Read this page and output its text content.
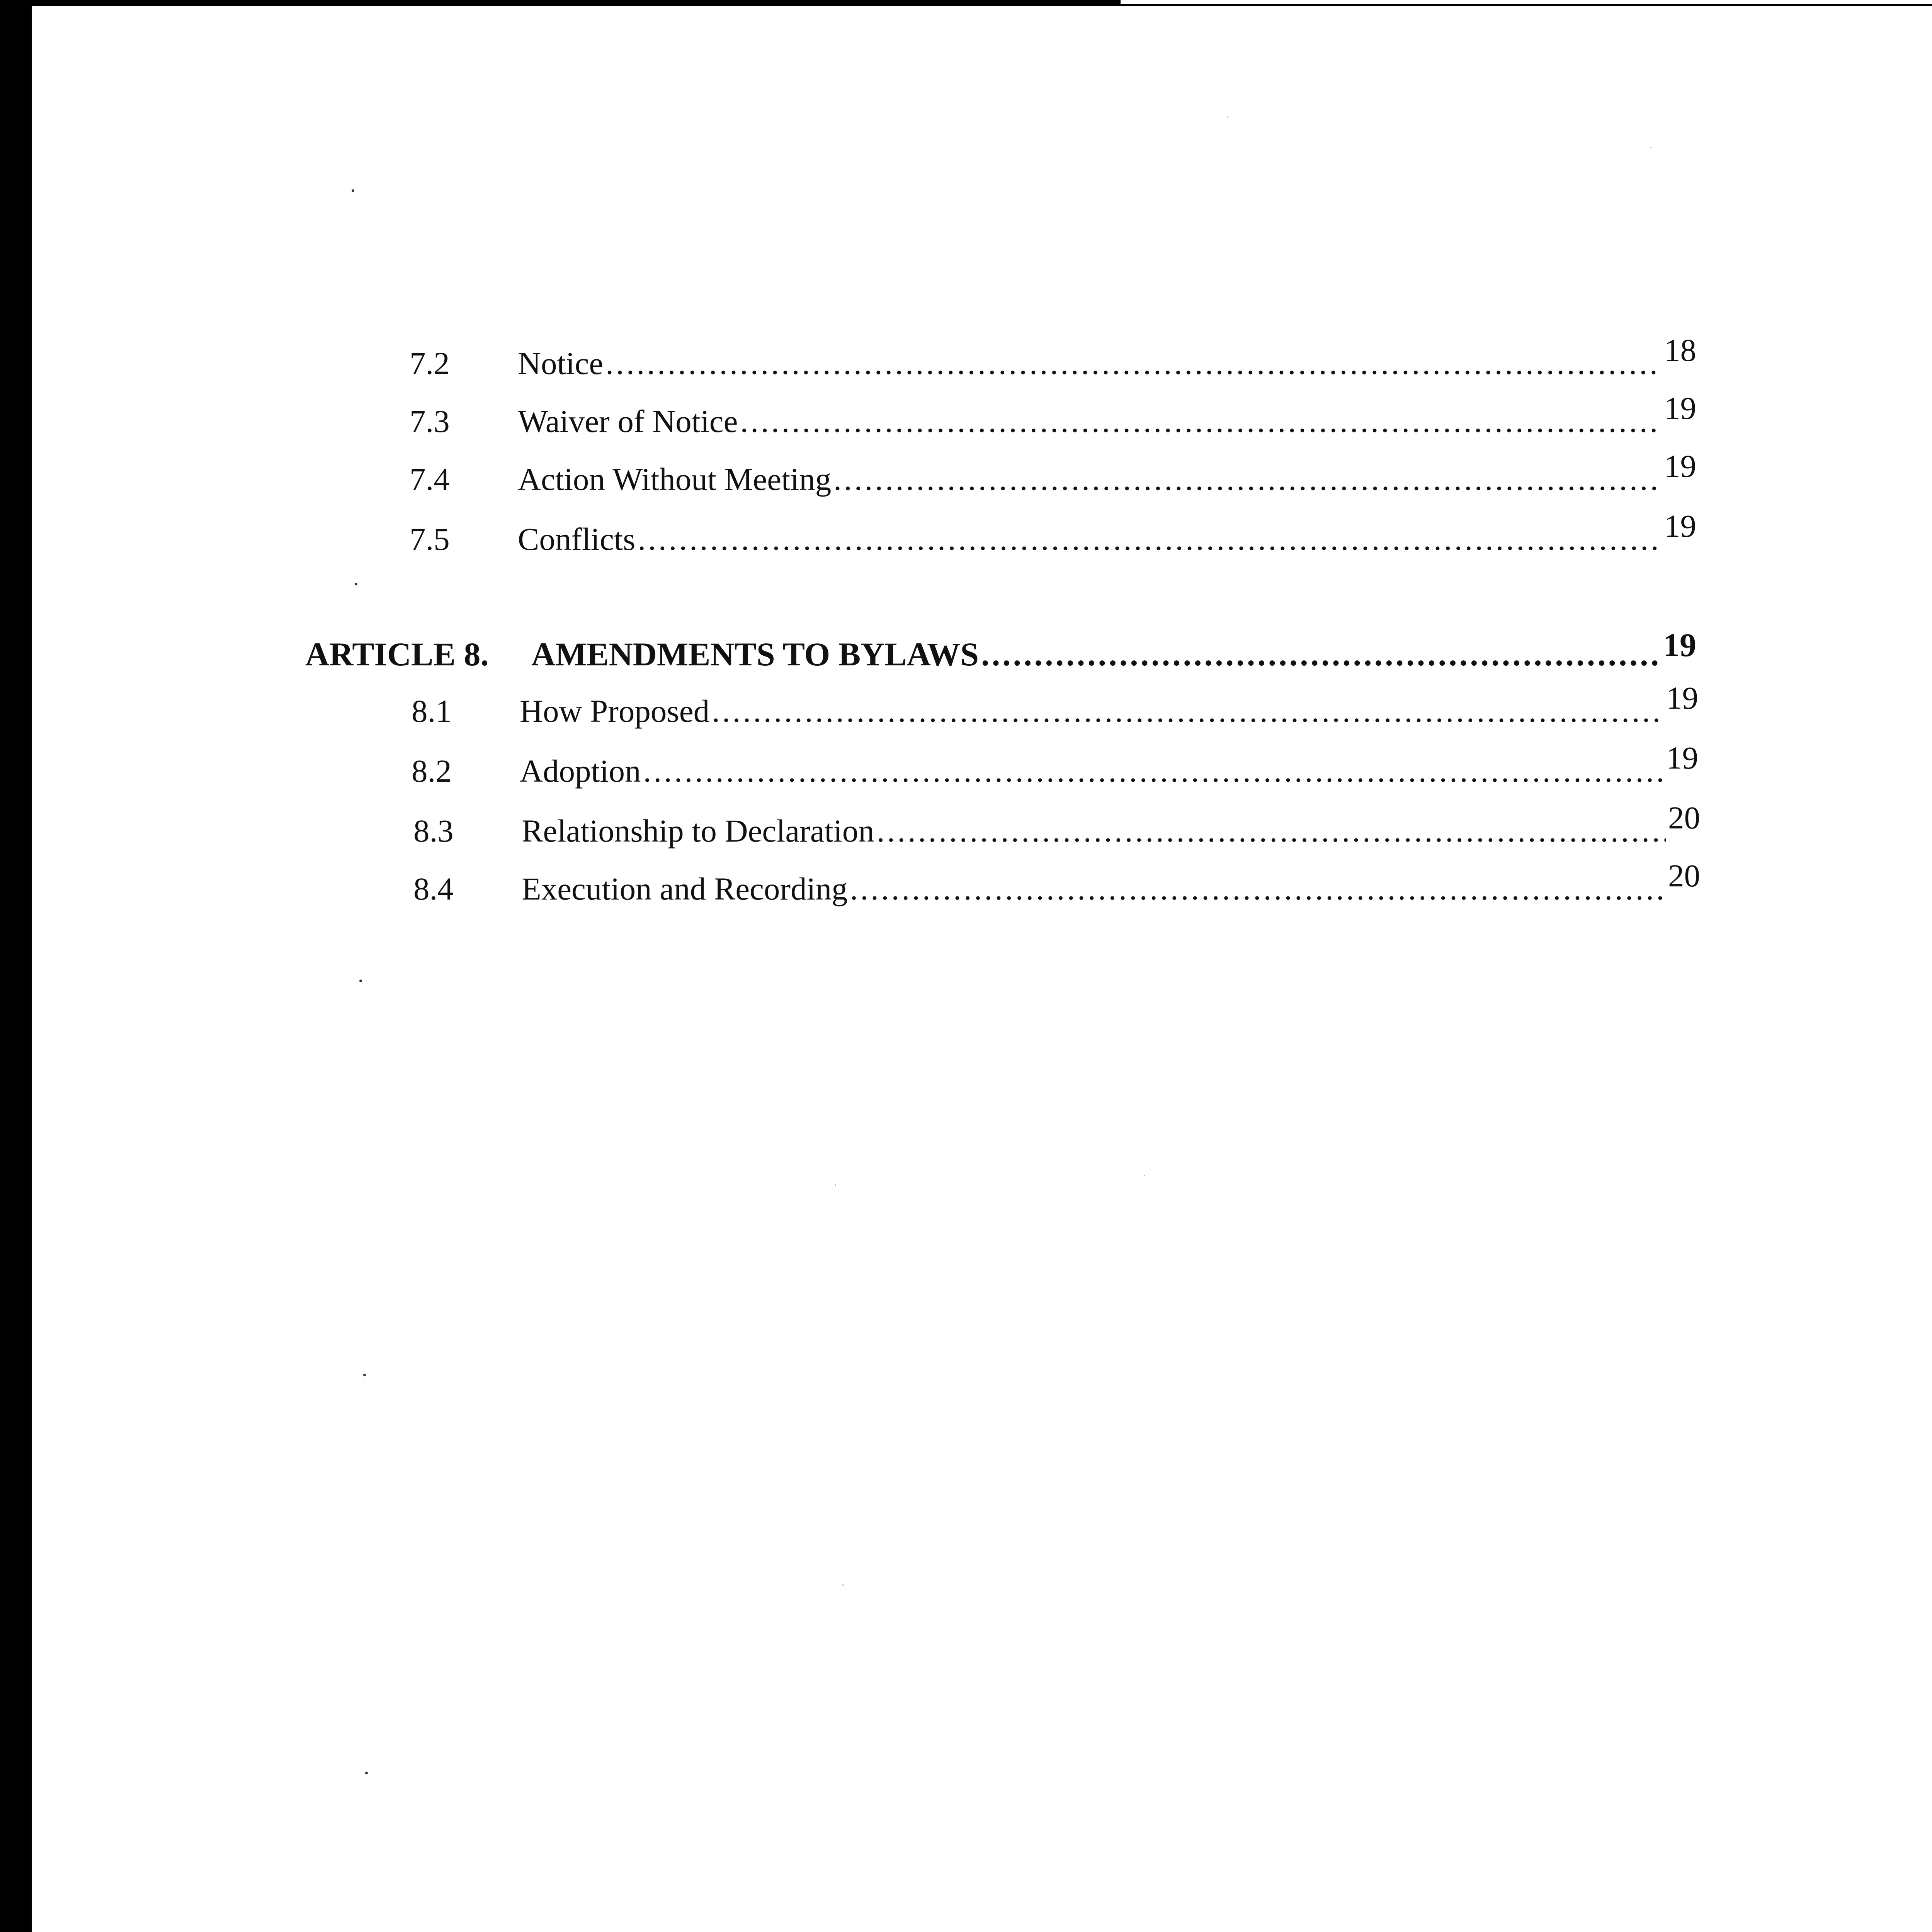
7.2 Notice .....	18
7.3 Waiver of Notice .....	19
7.4 Action Without Meeting .....	19
7.5 Conflicts .....	19
ARTICLE 8. AMENDMENTS TO BYLAWS .....	19
8.1 How Proposed .....	19
8.2 Adoption .....	19
8.3 Relationship to Declaration .....	20
8.4 Execution and Recording .....	20
